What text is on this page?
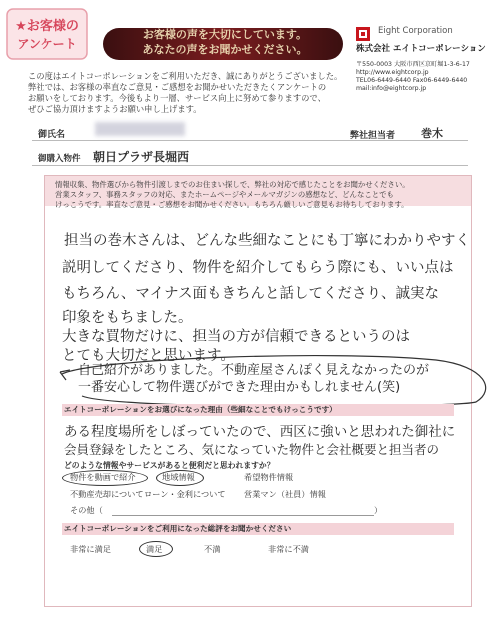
★お客様の
アンケート
お客様の声を大切にしています。
あなたの声をお聞かせください。
Eight Corporation
株式会社 エイトコーポレーション
〒550-0003 大阪市西区京町堀1-3-6-17
http://www.eightcorp.jp
TEL06-6449-6440 Fax06-6449-6440
mail:info@eightcorp.jp
この度はエイトコーポレーションをご利用いただき、誠にありがとうございました。
弊社では、お客様の率直なご意見・ご感想をお聞かせいただきたくアンケートの
お願いをしております。今後もより一層、サービス向上に努めて参りますので、
ぜひご協力頂けますようお願い申し上げます。
御氏名	弊社担当者 巻木
御購入物件 朝日プラザ長堀西
情報収集、物件選びから物件引渡しまでのお住まい探しで、弊社の対応で感じたことをお聞かせください。
営業スタッフ、事務スタッフの対応、またホームページやメールマガジンの感想など、どんなことでも
けっこうです。率直なご意見・ご感想をお聞かせください。もちろん厳しいご意見もお待ちしております。
担当の巻木さんは、どんな些細なことにも丁寧にわかりやすく
説明してくださり、物件を紹介してもらう際にも、いい点は
もちろん、マイナス面もきちんと話してくださり、誠実な
印象をもちました。
大きな買物だけに、担当の方が信頼できるというのは
とても大切だと思います。
自己紹介がありました。不動産屋さんぽく見えなかったのが
一番安心して物件選びができた理由かもしれません(笑)
エイトコーポレーションをお選びになった理由（些細なことでもけっこうです）
ある程度場所をしぼっていたので、西区に強いと思われた御社に
会員登録をしたところ、気になっていた物件と会社概要と担当者の
どのような情報やサービスがあると便利だと思われますか？
物件を動画で紹介	地域情報	希望物件情報
不動産売却について ローン・金利について 営業マン（社員）情報
その他（	）
エイトコーポレーションをご利用になった総評をお聞かせください
非常に満足	満足	不満	非常に不満
